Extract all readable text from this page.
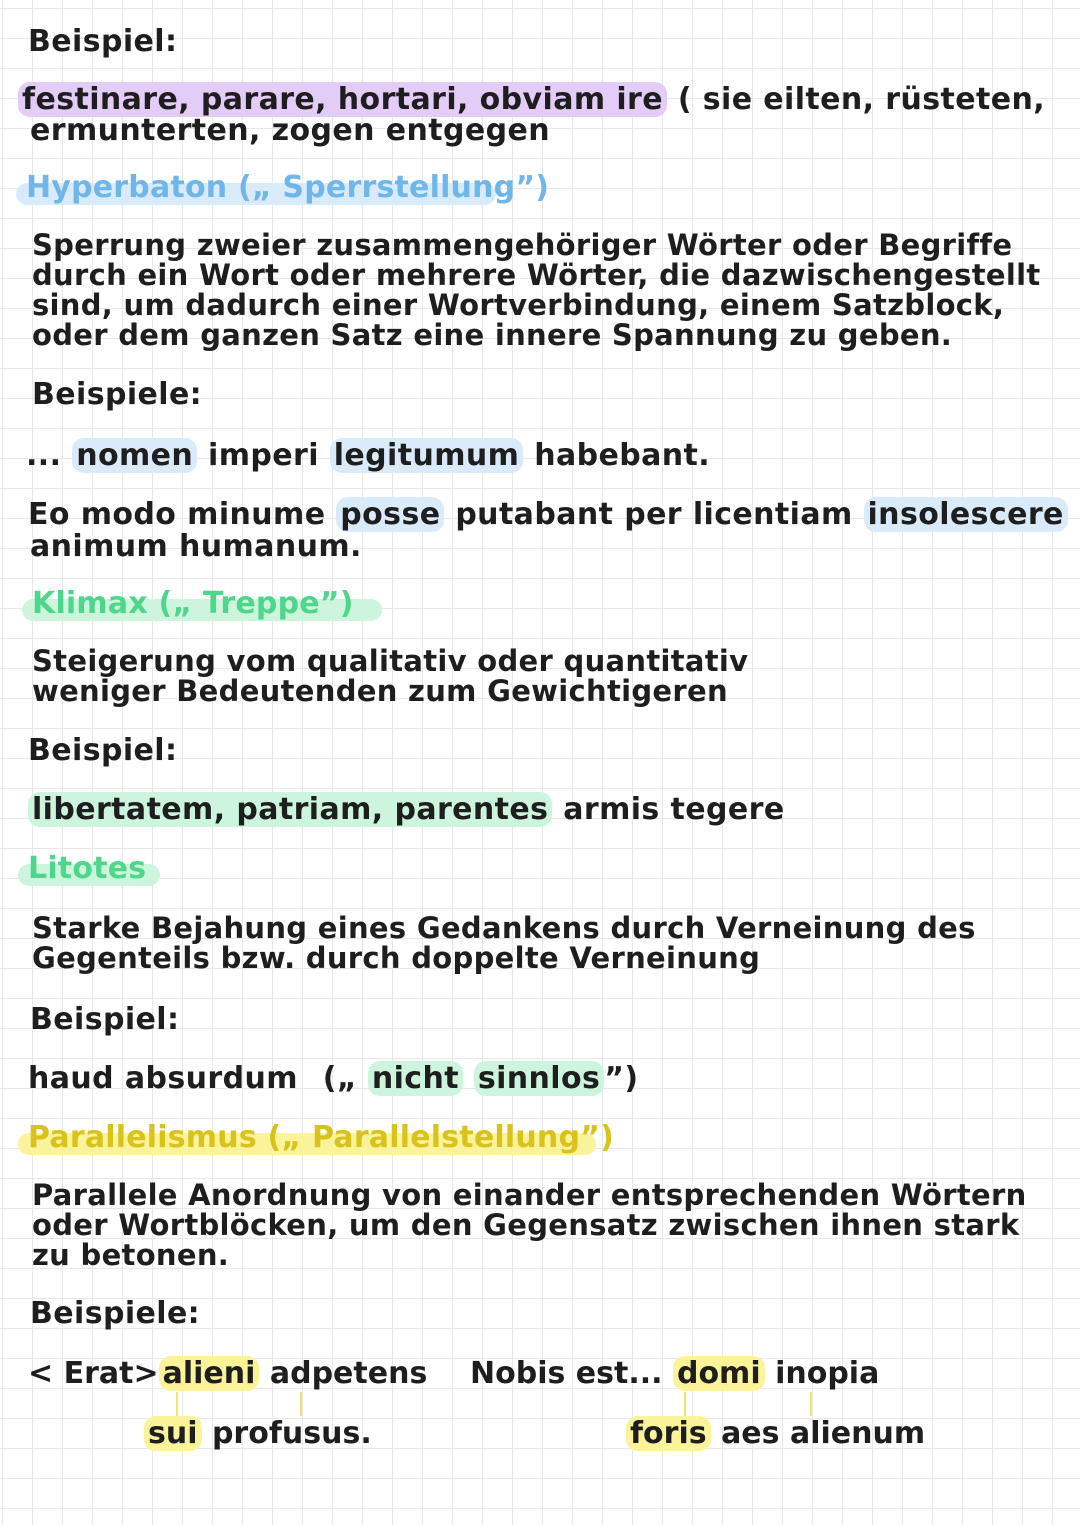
Beispiel:
festinare, parare, hortari, obviam ire ( sie eilten, rüsteten,
ermunterten, zogen entgegen
Hyperbaton („ Sperrstellung”)
Sperrung zweier zusammengehöriger Wörter oder Begriffe durch ein Wort oder mehrere Wörter, die dazwischengestellt sind, um dadurch einer Wortverbindung, einem Satzblock, oder dem ganzen Satz eine innere Spannung zu geben.
Beispiele:
... nomen imperi legitumum habebant.
Eo modo minume posse putabant per licentiam insolescere
animum humanum.
Klimax („ Treppe”)
Steigerung vom qualitativ oder quantitativ weniger Bedeutenden zum Gewichtigeren
Beispiel:
libertatem, patriam, parentes armis tegere
Litotes
Starke Bejahung eines Gedankens durch Verneinung des Gegenteils bzw. durch doppelte Verneinung
Beispiel:
haud absurdum („ nicht sinnlos ”)
Parallelismus („ Parallelstellung”)
Parallele Anordnung von einander entsprechenden Wörtern oder Wortblöcken, um den Gegensatz zwischen ihnen stark zu betonen.
Beispiele:
< Erat> alieni adpetens
sui profusus.
Nobis est... domi inopia
foris aes alienum
